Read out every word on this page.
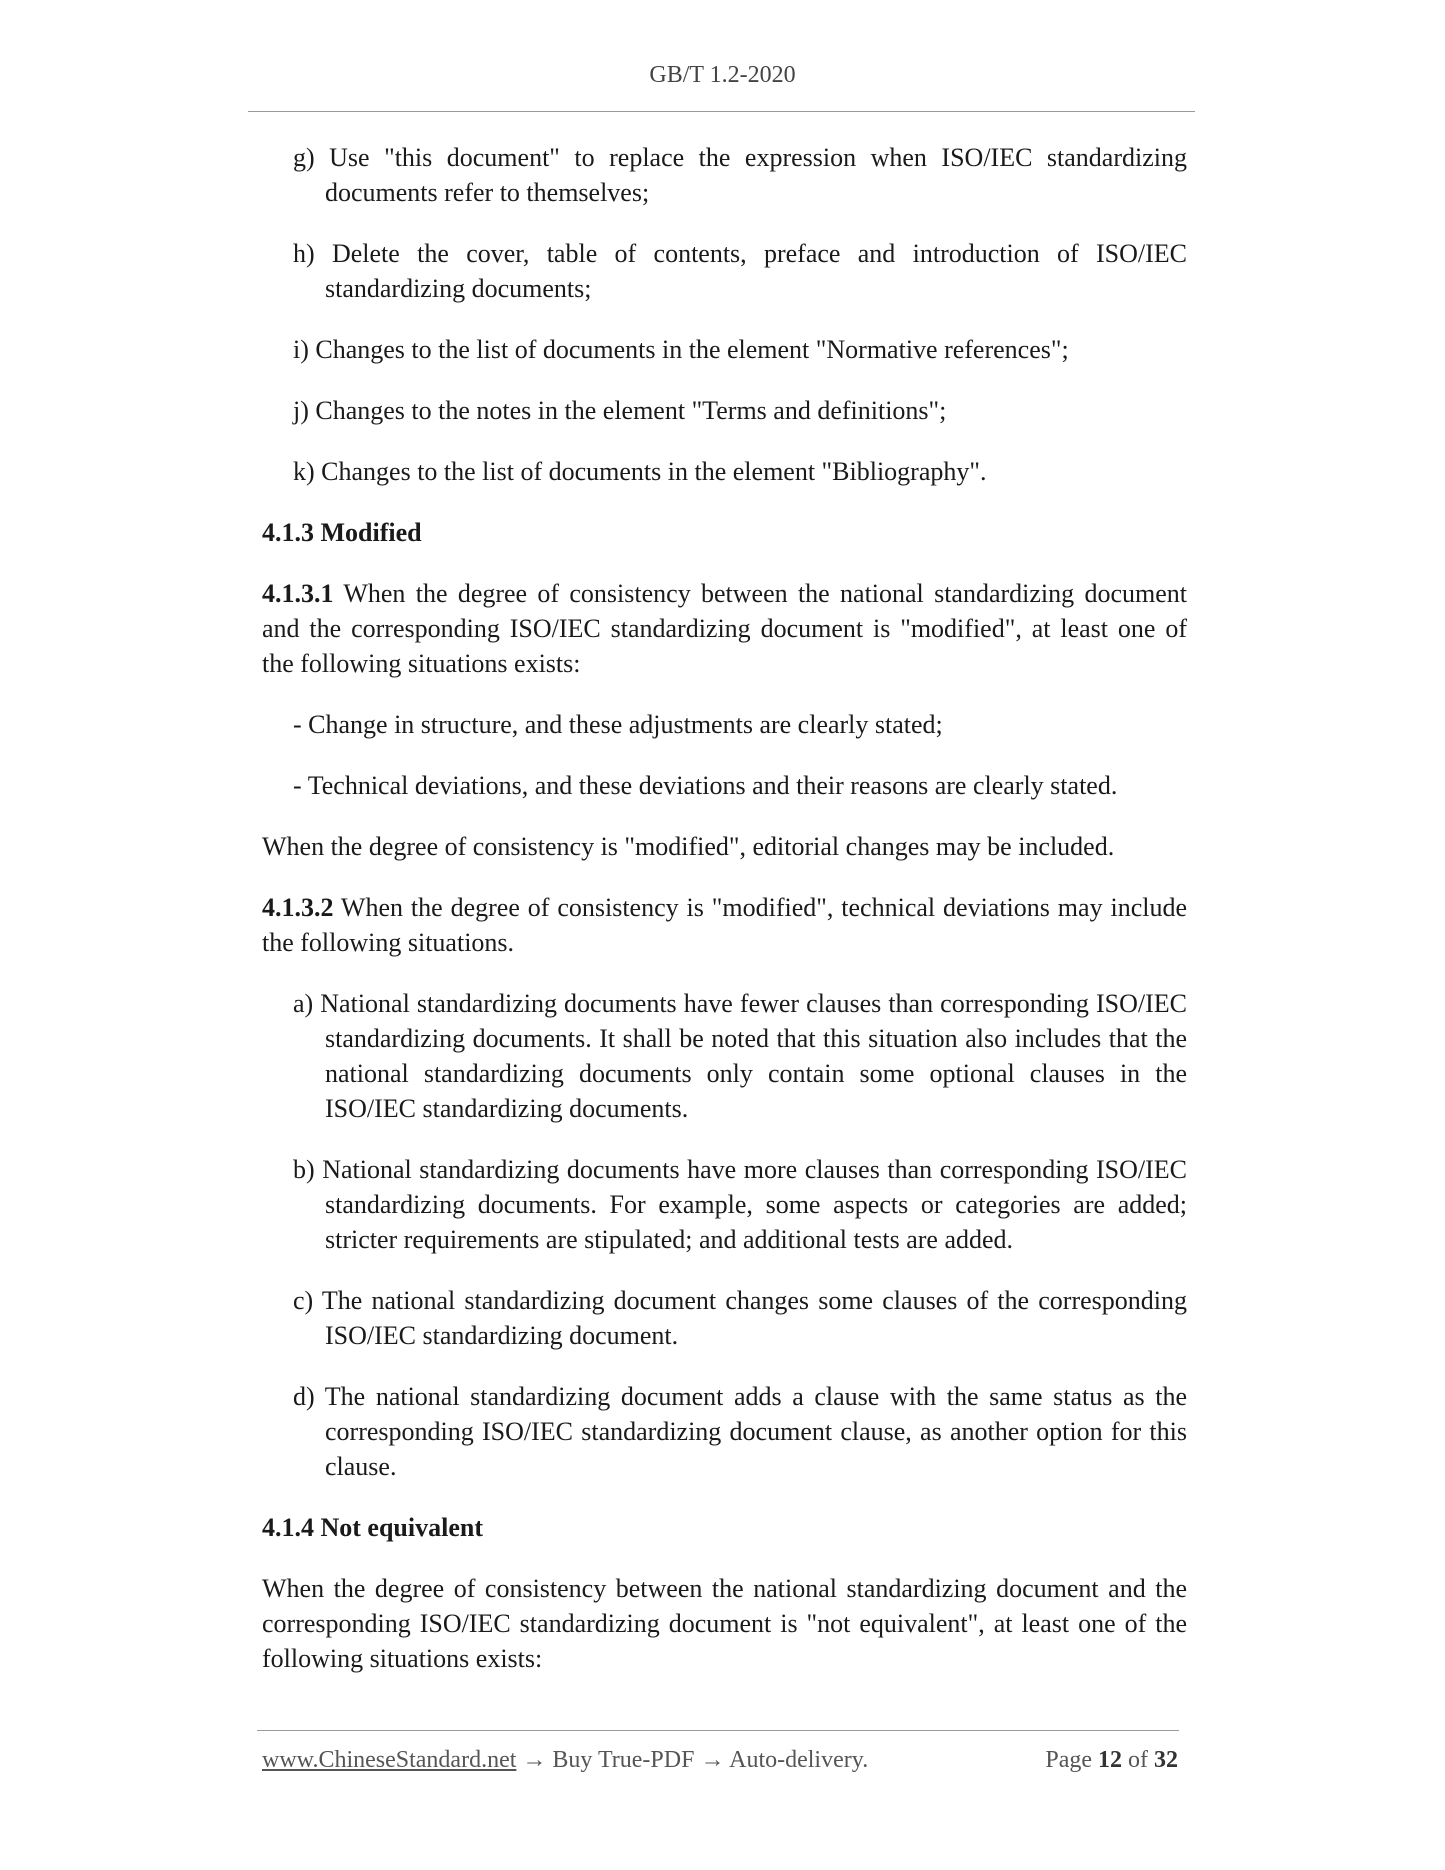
GB/T 1.2-2020

g) Use "this document" to replace the expression when ISO/IEC standardizing documents refer to themselves;

h) Delete the cover, table of contents, preface and introduction of ISO/IEC standardizing documents;

i) Changes to the list of documents in the element "Normative references";

j) Changes to the notes in the element "Terms and definitions";

k) Changes to the list of documents in the element "Bibliography".

4.1.3 Modified

4.1.3.1 When the degree of consistency between the national standardizing document and the corresponding ISO/IEC standardizing document is "modified", at least one of the following situations exists:

- Change in structure, and these adjustments are clearly stated;

- Technical deviations, and these deviations and their reasons are clearly stated.

When the degree of consistency is "modified", editorial changes may be included.

4.1.3.2 When the degree of consistency is "modified", technical deviations may include the following situations.

a) National standardizing documents have fewer clauses than corresponding ISO/IEC standardizing documents. It shall be noted that this situation also includes that the national standardizing documents only contain some optional clauses in the ISO/IEC standardizing documents.

b) National standardizing documents have more clauses than corresponding ISO/IEC standardizing documents. For example, some aspects or categories are added; stricter requirements are stipulated; and additional tests are added.

c) The national standardizing document changes some clauses of the corresponding ISO/IEC standardizing document.

d) The national standardizing document adds a clause with the same status as the corresponding ISO/IEC standardizing document clause, as another option for this clause.

4.1.4 Not equivalent

When the degree of consistency between the national standardizing document and the corresponding ISO/IEC standardizing document is "not equivalent", at least one of the following situations exists:

www.ChineseStandard.net → Buy True-PDF → Auto-delivery.	Page 12 of 32
